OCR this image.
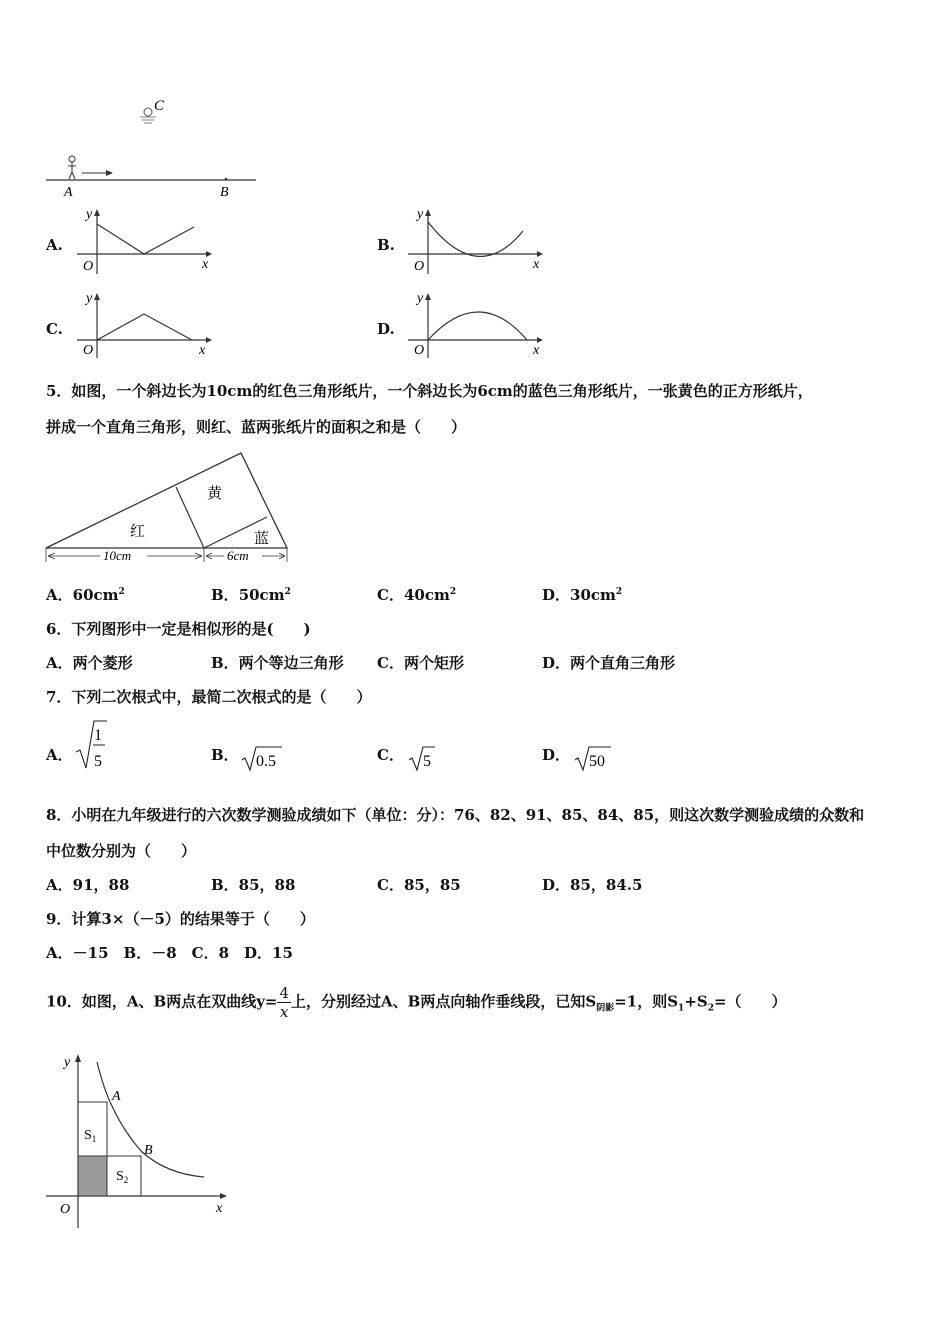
C
A	B
A.
y
x
O
B.
y
x
O
C.
y
x
O
D.
y
x
O
5．如图，一个斜边长为10cm的红色三角形纸片，一个斜边长为6cm的蓝色三角形纸片，一张黄色的正方形纸片，
拼成一个直角三角形，则红、蓝两张纸片的面积之和是（　　）
黄
红	蓝
10cm	6cm
A．$60cm^2$	B．$50cm^2$	C．$40cm^2$	D．$30cm^2$
6．下列图形中一定是相似形的是(　　)
A．两个菱形	B．两个等边三角形 C．两个矩形	D．两个直角三角形
7．下列二次根式中，最简二次根式的是（　　）
A．
1
5	B． 0.5	C． 5	D． 50
8．小明在九年级进行的六次数学测验成绩如下（单位：分）：76、82、91、85、84、85，则这次数学测验成绩的众数和
中位数分别为（　　）
A．91，88	B．85，88	C．85，85	D．85，84.5
9．计算3×（－5）的结果等于（　　）
A．－15　B．－8　C．8　D．15
10．如图，A、B两点在双曲线$y= \frac{4}{x}$ 上，分别经过A、B两点向轴作垂线段，已知$S_{阴影}=1$，则$S_1+S_2=$（　　）
y
x
O
A
B
$S_1$
$S_2$
